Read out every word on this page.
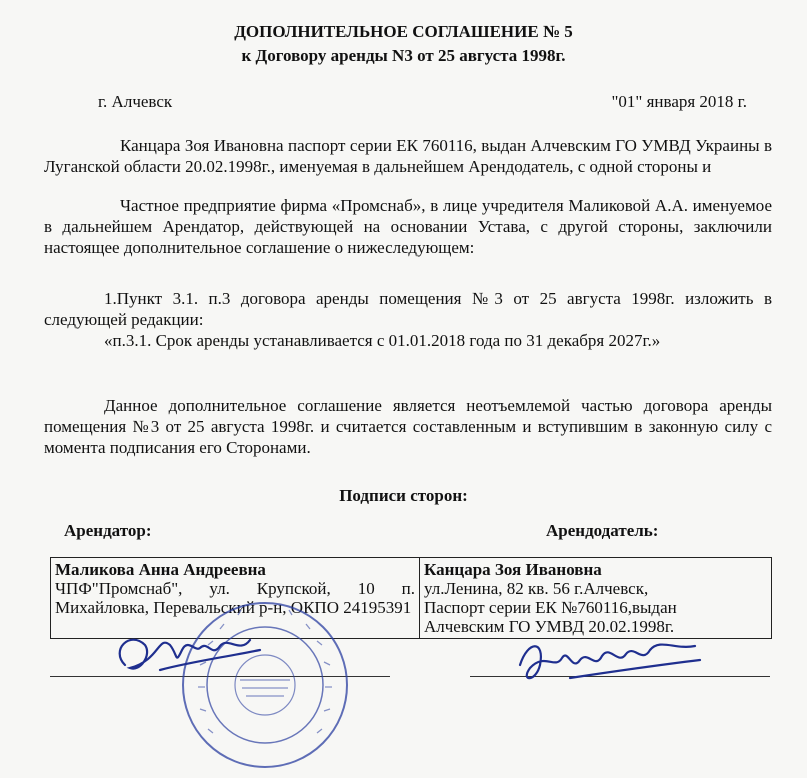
ДОПОЛНИТЕЛЬНОЕ СОГЛАШЕНИЕ № 5
к Договору аренды N3 от 25 августа 1998г.
г. Алчевск	"01" января 2018 г.
Канцара Зоя Ивановна паспорт серии ЕК 760116, выдан Алчевским ГО УМВД Украины в Луганской области 20.02.1998г., именуемая в дальнейшем Арендодатель, с одной стороны и
Частное предприятие фирма «Промснаб», в лице учредителя Маликовой А.А. именуемое в дальнейшем Арендатор, действующей на основании Устава, с другой стороны, заключили настоящее дополнительное соглашение о нижеследующем:
1.Пункт 3.1. п.3 договора аренды помещения №3 от 25 августа 1998г. изложить в следующей редакции:
«п.3.1. Срок аренды устанавливается с 01.01.2018 года по 31 декабря 2027г.»
Данное дополнительное соглашение является неотъемлемой частью договора аренды помещения №3 от 25 августа 1998г. и считается составленным и вступившим в законную силу с момента подписания его Сторонами.
Подписи сторон:
Арендатор:	Арендодатель:
Маликова Анна Андреевна
ЧПФ"Промснаб", ул. Крупской, 10 п. Михайловка, Перевальский р-н, ОКПО 24195391

Канцара Зоя Ивановна
ул.Ленина, 82 кв. 56 г.Алчевск,
Паспорт серии ЕК №760116,выдан
Алчевским ГО УМВД 20.02.1998г.
